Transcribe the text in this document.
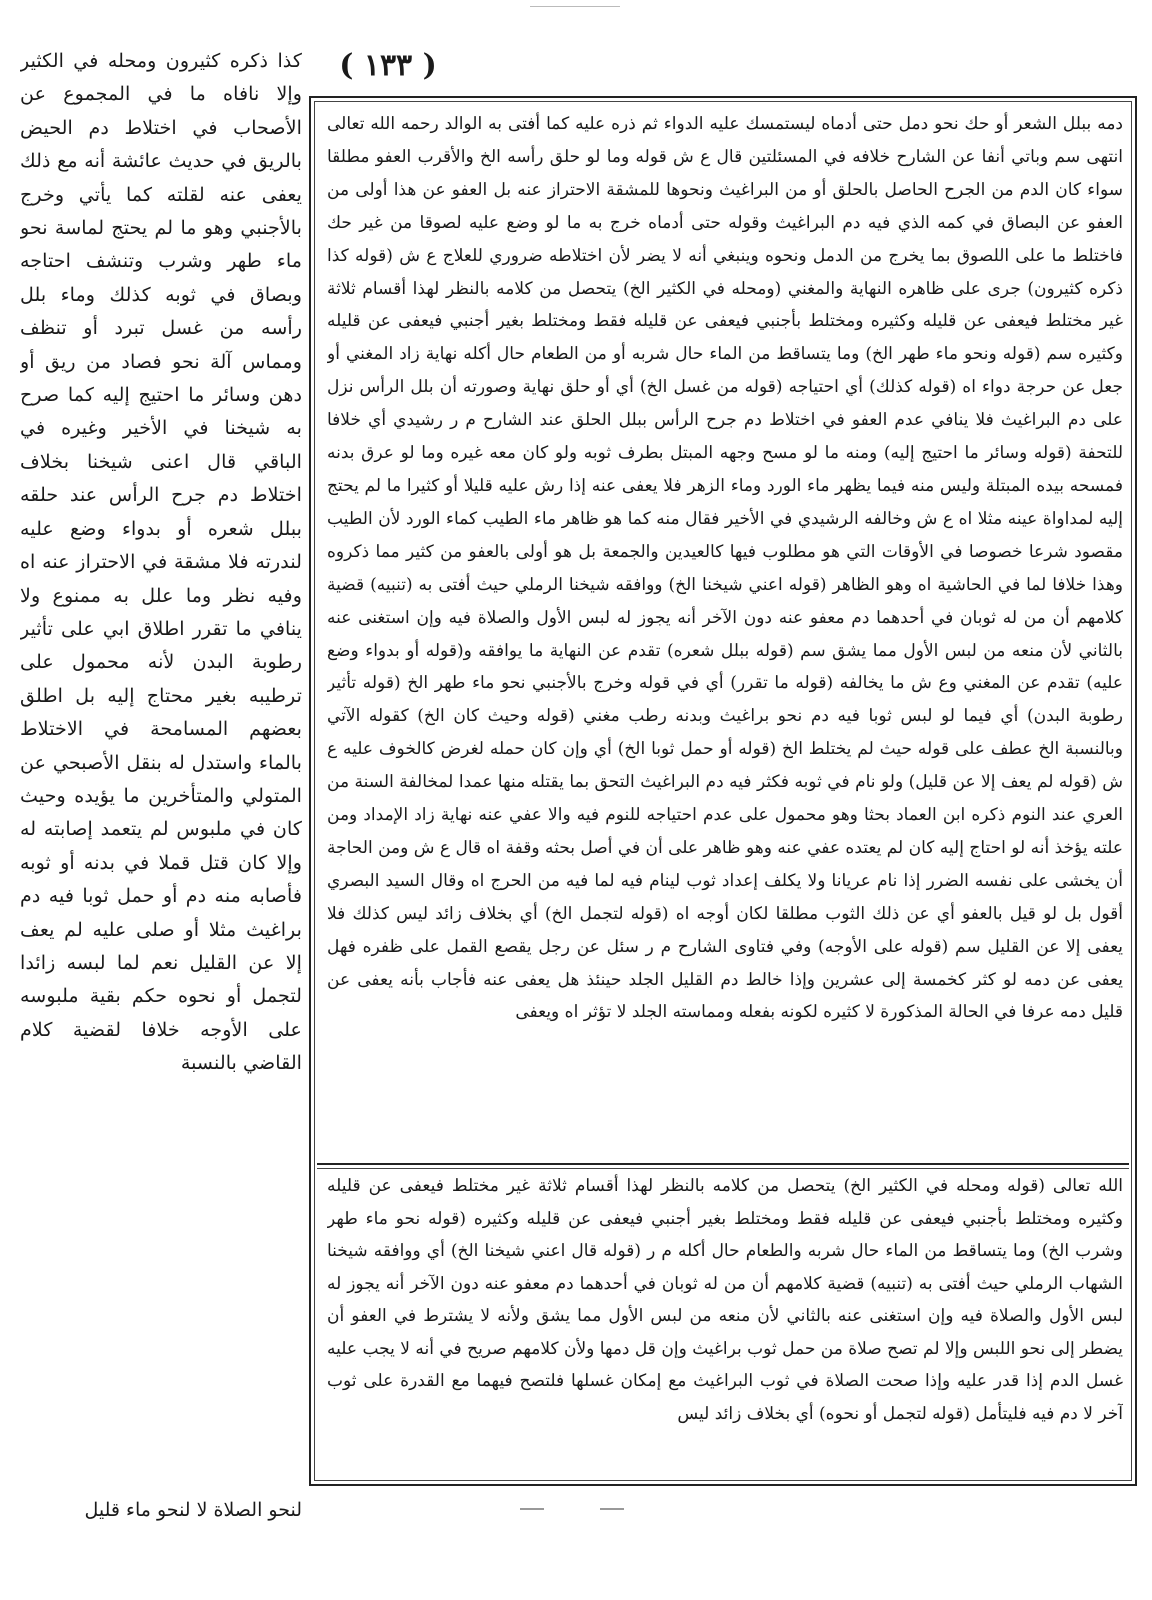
( ١٣٣ )
كذا ذكره كثيرون ومحله في الكثير وإلا نافاه ما في المجموع عن الأصحاب في اختلاط دم الحيض بالريق في حديث عائشة أنه مع ذلك يعفى عنه لقلته كما يأتي وخرج بالأجنبي وهو ما لم يحتج لماسة نحو ماء طهر وشرب وتنشف احتاجه وبصاق في ثوبه كذلك وماء بلل رأسه من غسل تبرد أو تنظف ومماس آلة نحو فصاد من ريق أو دهن وسائر ما احتيج إليه كما صرح به شيخنا في الأخير وغيره في الباقي قال اعنى شيخنا بخلاف اختلاط دم جرح الرأس عند حلقه ببلل شعره أو بدواء وضع عليه لندرته فلا مشقة في الاحتراز عنه اه وفيه نظر وما علل به ممنوع ولا ينافي ما تقرر اطلاق ابي على تأثير رطوبة البدن لأنه محمول على ترطيبه بغير محتاج إليه بل اطلق بعضهم المسامحة في الاختلاط بالماء واستدل له بنقل الأصبحي عن المتولي والمتأخرين ما يؤيده وحيث كان في ملبوس لم يتعمد إصابته له وإلا كان قتل قملا في بدنه أو ثوبه فأصابه منه دم أو حمل ثوبا فيه دم براغيث مثلا أو صلى عليه لم يعف إلا عن القليل نعم لما لبسه زائدا لتجمل أو نحوه حكم بقية ملبوسه على الأوجه خلافا لقضية كلام القاضي بالنسبة
دمه ببلل الشعر أو حك نحو دمل حتى أدماه ليستمسك عليه الدواء ثم ذره عليه كما أفتى به الوالد رحمه الله تعالى انتهى سم وباتي أنفا عن الشارح خلافه في المسئلتين قال ع ش قوله وما لو حلق رأسه الخ والأقرب العفو مطلقا سواء كان الدم من الجرح الحاصل بالحلق أو من البراغيث ونحوها للمشقة الاحتراز عنه بل العفو عن هذا أولى من العفو عن البصاق في كمه الذي فيه دم البراغيث وقوله حتى أدماه خرج به ما لو وضع عليه لصوقا من غير حك فاختلط ما على اللصوق بما يخرج من الدمل ونحوه وينبغي أنه لا يضر لأن اختلاطه ضروري للعلاج ع ش (قوله كذا ذكره كثيرون) جرى على ظاهره النهاية والمغني (ومحله في الكثير الخ) يتحصل من كلامه بالنظر لهذا أقسام ثلاثة غير مختلط فيعفى عن قليله وكثيره ومختلط بأجنبي فيعفى عن قليله فقط ومختلط بغير أجنبي فيعفى عن قليله وكثيره سم (قوله ونحو ماء طهر الخ) وما يتساقط من الماء حال شربه أو من الطعام حال أكله نهاية زاد المغني أو جعل عن حرجة دواء اه (قوله كذلك) أي احتياجه (قوله من غسل الخ) أي أو حلق نهاية وصورته أن بلل الرأس نزل على دم البراغيث فلا ينافي عدم العفو في اختلاط دم جرح الرأس ببلل الحلق عند الشارح م ر رشيدي أي خلافا للتحفة (قوله وسائر ما احتيج إليه) ومنه ما لو مسح وجهه المبتل بطرف ثوبه ولو كان معه غيره وما لو عرق بدنه فمسحه بيده المبتلة وليس منه فيما يظهر ماء الورد وماء الزهر فلا يعفى عنه إذا رش عليه قليلا أو كثيرا ما لم يحتج إليه لمداواة عينه مثلا اه ع ش وخالفه الرشيدي في الأخير فقال منه كما هو ظاهر ماء الطيب كماء الورد لأن الطيب مقصود شرعا خصوصا في الأوقات التي هو مطلوب فيها كالعيدين والجمعة بل هو أولى بالعفو من كثير مما ذكروه وهذا خلافا لما في الحاشية اه وهو الظاهر (قوله اعني شيخنا الخ) ووافقه شيخنا الرملي حيث أفتى به (تنبيه) قضية كلامهم أن من له ثوبان في أحدهما دم معفو عنه دون الآخر أنه يجوز له لبس الأول والصلاة فيه وإن استغنى عنه بالثاني لأن منعه من لبس الأول مما يشق سم (قوله ببلل شعره) تقدم عن النهاية ما يوافقه و(قوله أو بدواء وضع عليه) تقدم عن المغني وع ش ما يخالفه (قوله ما تقرر) أي في قوله وخرج بالأجنبي نحو ماء طهر الخ (قوله تأثير رطوبة البدن) أي فيما لو لبس ثوبا فيه دم نحو براغيث وبدنه رطب مغني (قوله وحيث كان الخ) كقوله الآتي وبالنسبة الخ عطف على قوله حيث لم يختلط الخ (قوله أو حمل ثوبا الخ) أي وإن كان حمله لغرض كالخوف عليه ع ش (قوله لم يعف إلا عن قليل) ولو نام في ثوبه فكثر فيه دم البراغيث التحق بما يقتله منها عمدا لمخالفة السنة من العري عند النوم ذكره ابن العماد بحثا وهو محمول على عدم احتياجه للنوم فيه والا عفي عنه نهاية زاد الإمداد ومن علته يؤخذ أنه لو احتاج إليه كان لم يعتده عفي عنه وهو ظاهر على أن في أصل بحثه وقفة اه قال ع ش ومن الحاجة أن يخشى على نفسه الضرر إذا نام عريانا ولا يكلف إعداد ثوب لينام فيه لما فيه من الحرج اه وقال السيد البصري أقول بل لو قيل بالعفو أي عن ذلك الثوب مطلقا لكان أوجه اه (قوله لتجمل الخ) أي بخلاف زائد ليس كذلك فلا يعفى إلا عن القليل سم (قوله على الأوجه) وفي فتاوى الشارح م ر سئل عن رجل يقصع القمل على ظفره فهل يعفى عن دمه لو كثر كخمسة إلى عشرين وإذا خالط دم القليل الجلد حينئذ هل يعفى عنه فأجاب بأنه يعفى عن قليل دمه عرفا في الحالة المذكورة لا كثيره لكونه بفعله ومماسته الجلد لا تؤثر اه ويعفى
الله تعالى (قوله ومحله في الكثير الخ) يتحصل من كلامه بالنظر لهذا أقسام ثلاثة غير مختلط فيعفى عن قليله وكثيره ومختلط بأجنبي فيعفى عن قليله فقط ومختلط بغير أجنبي فيعفى عن قليله وكثيره (قوله نحو ماء طهر وشرب الخ) وما يتساقط من الماء حال شربه والطعام حال أكله م ر (قوله قال اعني شيخنا الخ) أي ووافقه شيخنا الشهاب الرملي حيث أفتى به (تنبيه) قضية كلامهم أن من له ثوبان في أحدهما دم معفو عنه دون الآخر أنه يجوز له لبس الأول والصلاة فيه وإن استغنى عنه بالثاني لأن منعه من لبس الأول مما يشق ولأنه لا يشترط في العفو أن يضطر إلى نحو اللبس وإلا لم تصح صلاة من حمل ثوب براغيث وإن قل دمها ولأن كلامهم صريح في أنه لا يجب عليه غسل الدم إذا قدر عليه وإذا صحت الصلاة في ثوب البراغيث مع إمكان غسلها فلتصح فيهما مع القدرة على ثوب آخر لا دم فيه فليتأمل (قوله لتجمل أو نحوه) أي بخلاف زائد ليس
لنحو الصلاة لا لنحو ماء قليل
